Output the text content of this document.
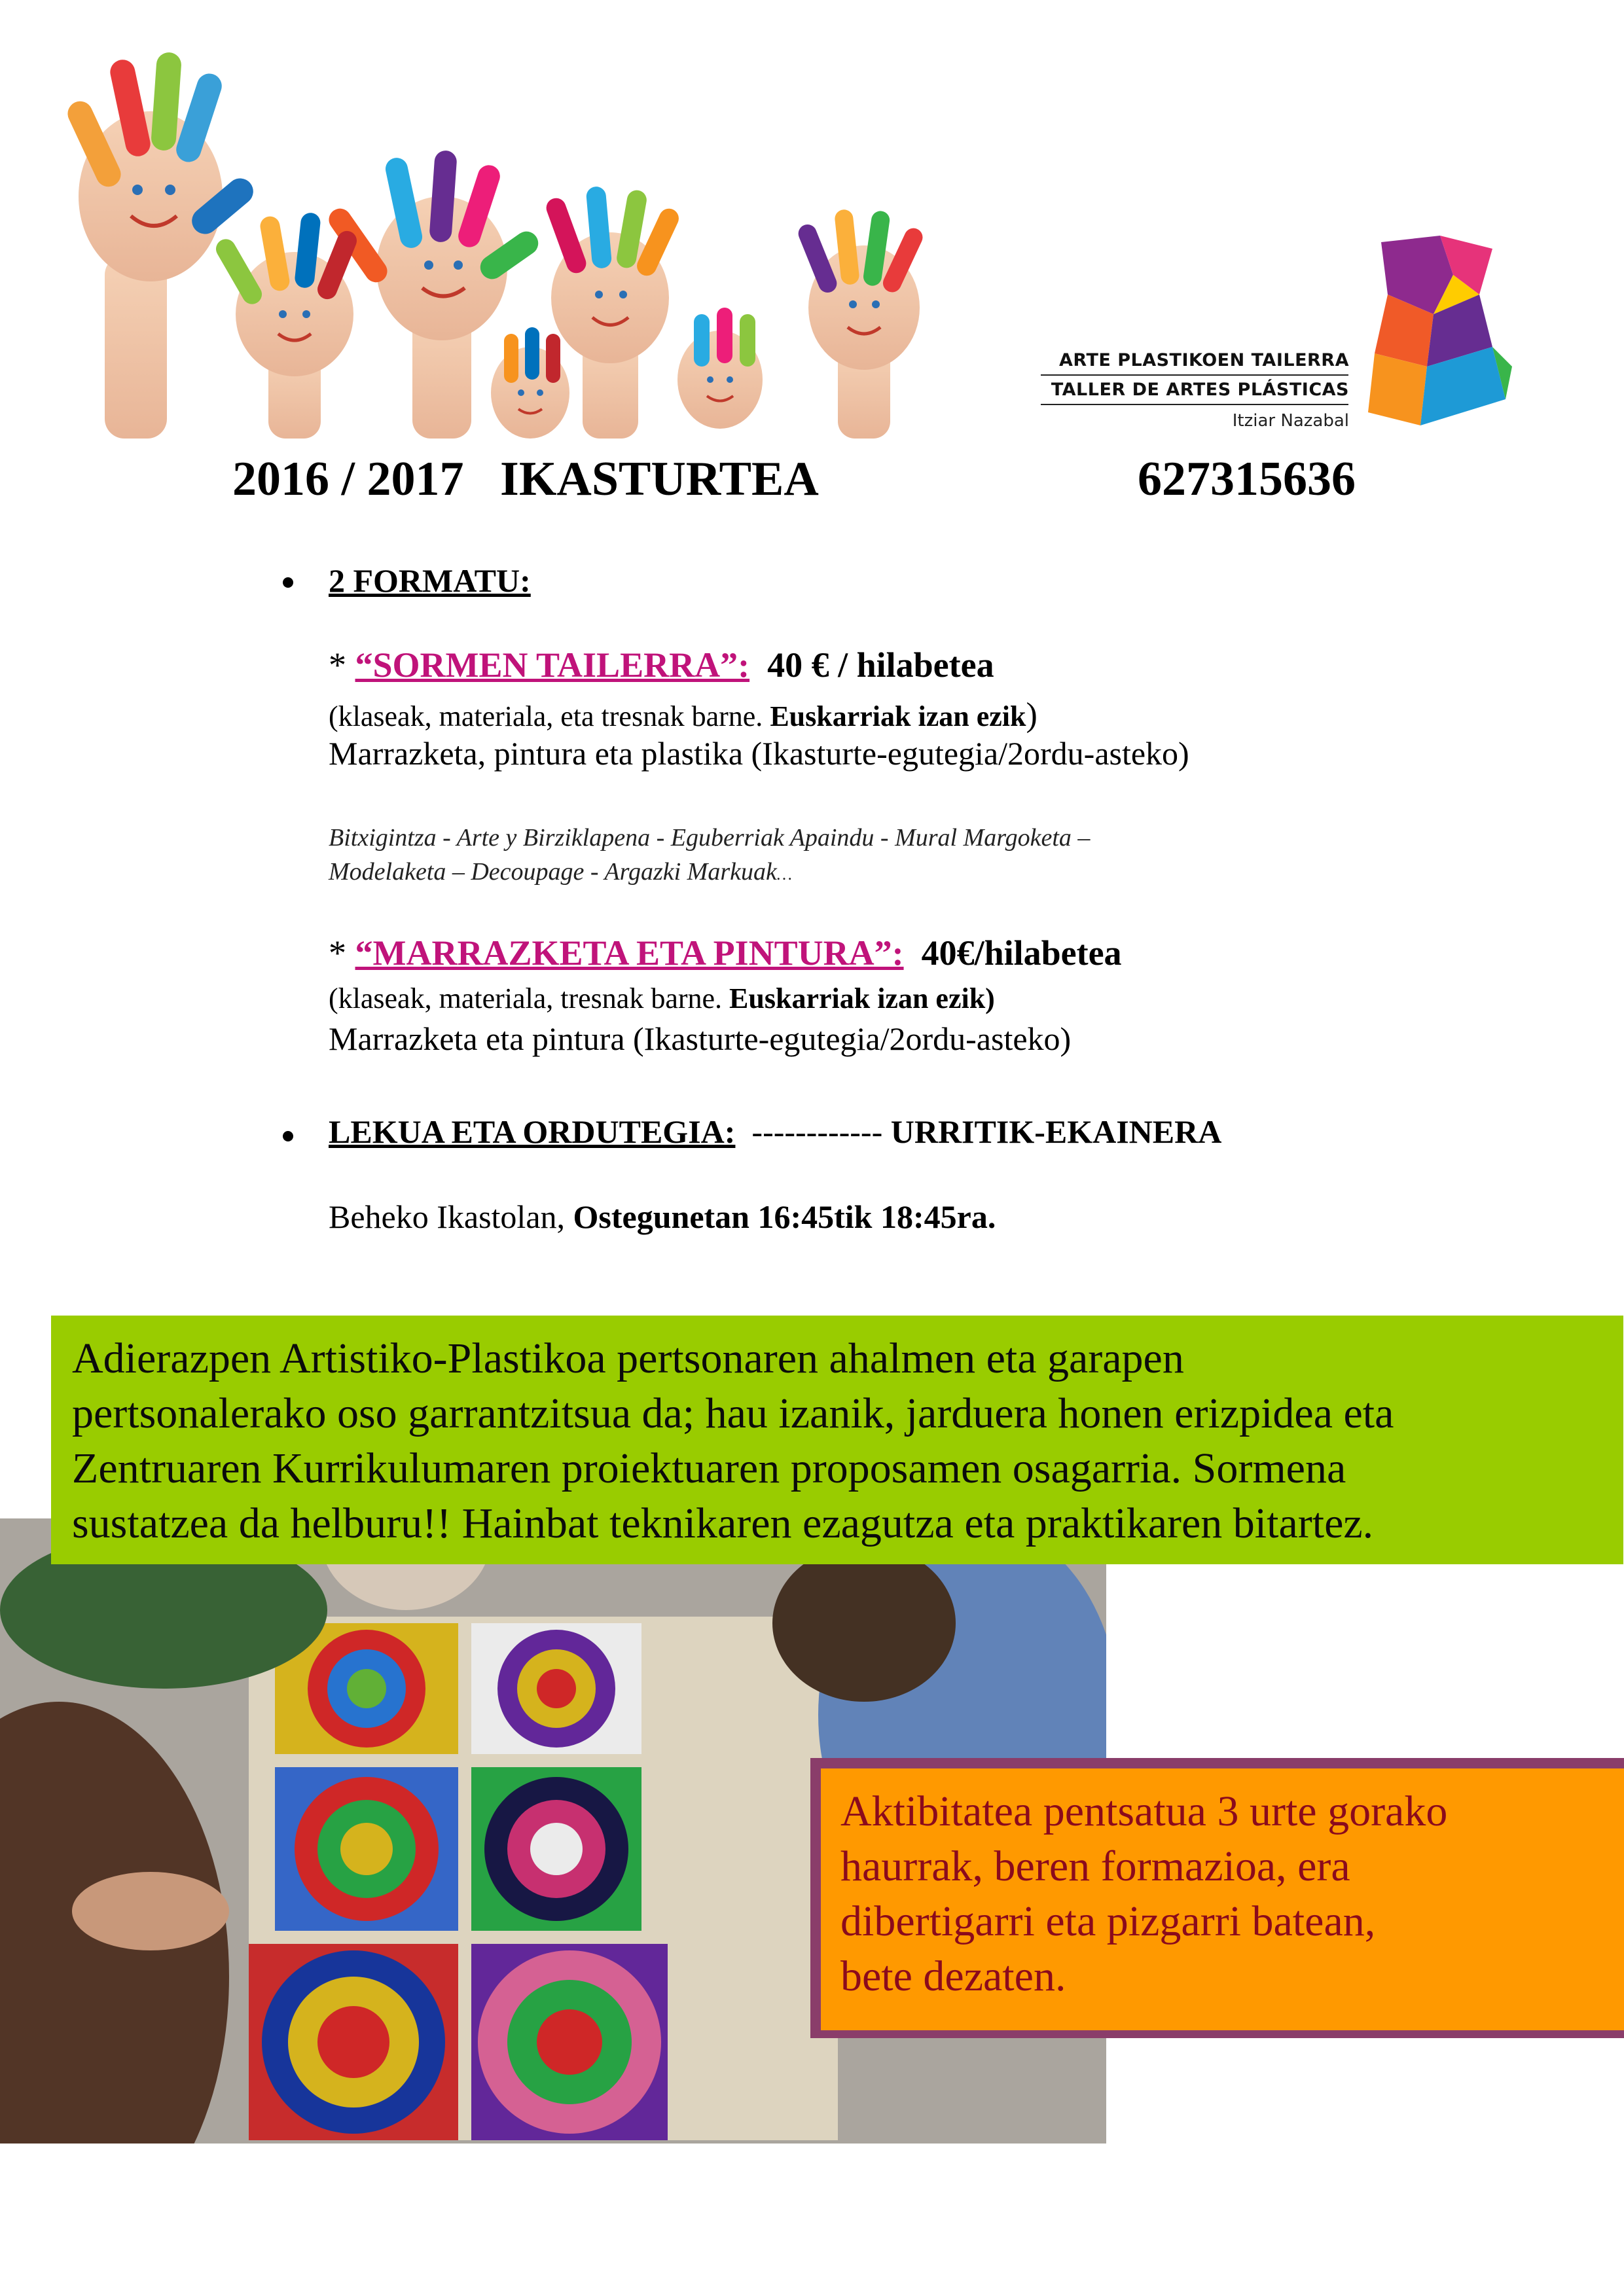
ARTE PLASTIKOEN TAILERRA
TALLER DE ARTES PLÁSTICAS
Itziar Nazabal
2016 / 2017   IKASTURTEA	627315636
2 FORMATU:
* “SORMEN TAILERRA”: 40 € / hilabetea
(klaseak, materiala, eta tresnak barne. Euskarriak izan ezik)
Marrazketa, pintura eta plastika (Ikasturte-egutegia/2ordu-asteko)
Bitxigintza - Arte y Birziklapena - Eguberriak Apaindu - Mural Margoketa –
Modelaketa – Decoupage - Argazki Markuak…
* “MARRAZKETA ETA PINTURA”: 40€/hilabetea
(klaseak, materiala, tresnak barne. Euskarriak izan ezik)
Marrazketa eta pintura (Ikasturte-egutegia/2ordu-asteko)
LEKUA ETA ORDUTEGIA:  ------------ URRITIK-EKAINERA
Beheko Ikastolan, Ostegunetan 16:45tik 18:45ra.
Adierazpen Artistiko-Plastikoa pertsonaren ahalmen eta garapen
pertsonalerako oso garrantzitsua da; hau izanik, jarduera honen erizpidea eta
Zentruaren Kurrikulumaren proiektuaren proposamen osagarria. Sormena
sustatzea da helburu!! Hainbat teknikaren ezagutza eta praktikaren bitartez.
Aktibitatea pentsatua 3 urte gorako
haurrak, beren formazioa, era
dibertigarri eta pizgarri batean,
bete dezaten.
